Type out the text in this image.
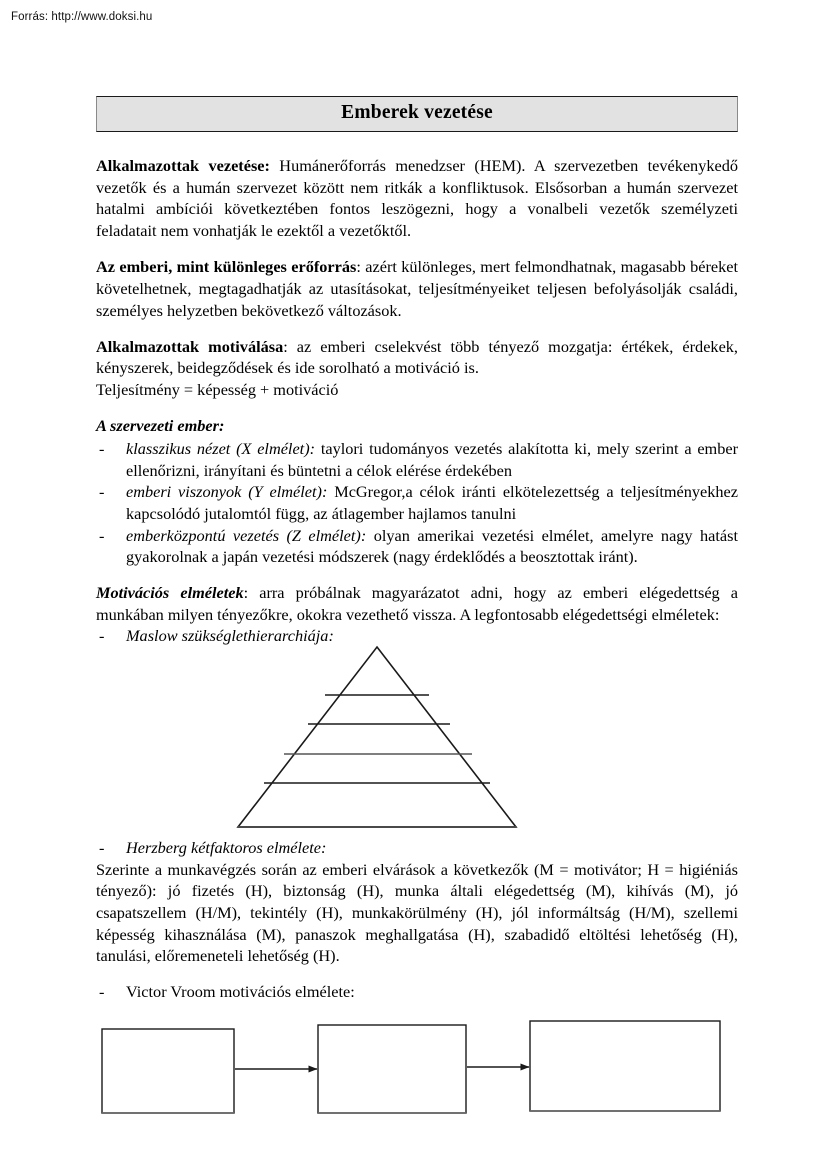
Forrás: http://www.doksi.hu
Emberek vezetése

Alkalmazottak vezetése: Humánerőforrás menedzser (HEM). A szervezetben tevékenykedő vezetők és a humán szervezet között nem ritkák a konfliktusok. Elsősorban a humán szervezet hatalmi ambíciói következtében fontos leszögezni, hogy a vonalbeli vezetők személyzeti feladatait nem vonhatják le ezektől a vezetőktől.

Az emberi, mint különleges erőforrás: azért különleges, mert felmondhatnak, magasabb béreket követelhetnek, megtagadhatják az utasításokat, teljesítményeiket teljesen befolyásolják családi, személyes helyzetben bekövetkező változások.

Alkalmazottak motiválása: az emberi cselekvést több tényező mozgatja: értékek, érdekek, kényszerek, beidegződések és ide sorolható a motiváció is.

Teljesítmény = képesség + motiváció
A szervezeti ember:
- klasszikus nézet (X elmélet): taylori tudományos vezetés alakította ki, mely szerint a ember ellenőrizni, irányítani és büntetni a célok elérése érdekében
- emberi viszonyok (Y elmélet): McGregor,a célok iránti elkötelezettség a teljesítményekhez kapcsolódó jutalomtól függ, az átlagember hajlamos tanulni
- emberközpontú vezetés (Z elmélet): olyan amerikai vezetési elmélet, amelyre nagy hatást gyakorolnak a japán vezetési módszerek (nagy érdeklődés a beosztottak iránt).

Motivációs elméletek: arra próbálnak magyarázatot adni, hogy az emberi elégedettség a munkában milyen tényezőkre, okokra vezethető vissza. A legfontosabb elégedettségi elméletek:

- Maslow szükséglethierarchiája:
- Herzberg kétfaktoros elmélete:

Szerinte a munkavégzés során az emberi elvárások a következők (M = motivátor; H = higiéniás tényező): jó fizetés (H), biztonság (H), munka általi elégedettség (M), kihívás (M), jó csapatszellem (H/M), tekintély (H), munkakörülmény (H), jól informáltság (H/M), szellemi képesség kihasználása (M), panaszok meghallgatása (H), szabadidő eltöltési lehetőség (H), tanulási, előremeneteli lehetőség (H).

- Victor Vroom motivációs elmélete:
